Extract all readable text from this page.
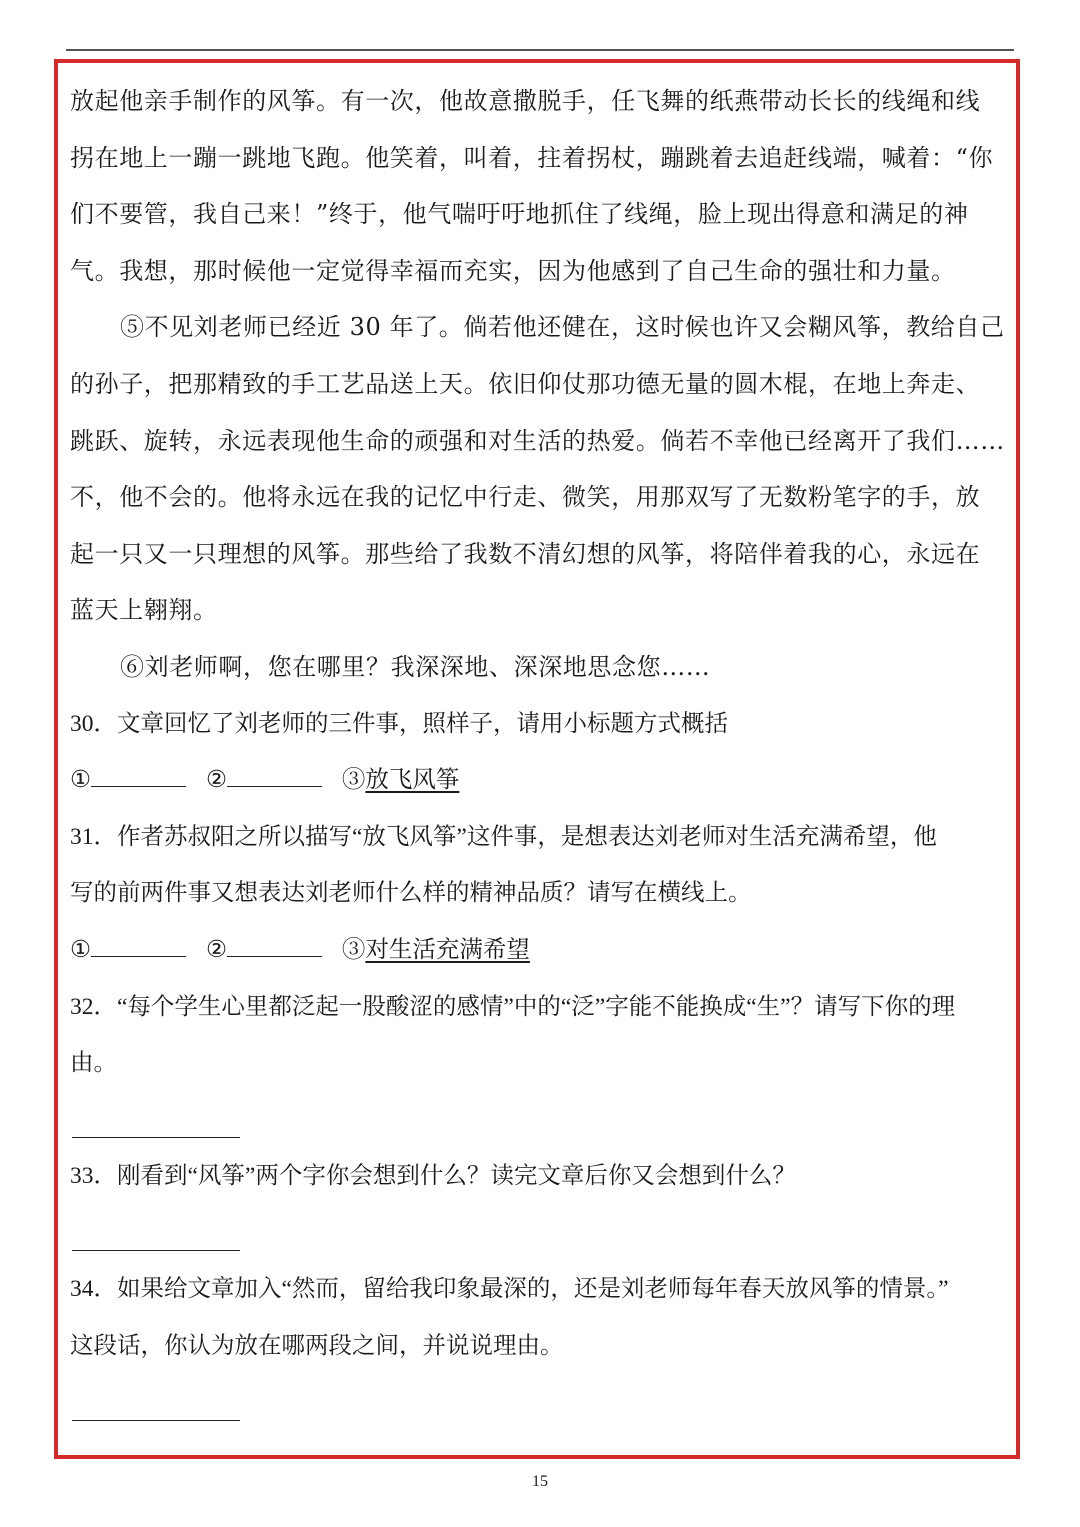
放起他亲手制作的风筝。有一次，他故意撒脱手，任飞舞的纸燕带动长长的线绳和线
拐在地上一蹦一跳地飞跑。他笑着，叫着，拄着拐杖，蹦跳着去追赶线端，喊着：“你
们不要管，我自己来！”终于，他气喘吁吁地抓住了线绳，脸上现出得意和满足的神
气。我想，那时候他一定觉得幸福而充实，因为他感到了自己生命的强壮和力量。
⑤不见刘老师已经近 30 年了。倘若他还健在，这时候也许又会糊风筝，教给自己
的孙子，把那精致的手工艺品送上天。依旧仰仗那功德无量的圆木棍，在地上奔走、
跳跃、旋转，永远表现他生命的顽强和对生活的热爱。倘若不幸他已经离开了我们……
不，他不会的。他将永远在我的记忆中行走、微笑，用那双写了无数粉笔字的手，放
起一只又一只理想的风筝。那些给了我数不清幻想的风筝，将陪伴着我的心，永远在
蓝天上翱翔。
⑥刘老师啊，您在哪里？我深深地、深深地思念您……
30．文章回忆了刘老师的三件事，照样子，请用小标题方式概括
①	②	③放飞风筝
31．作者苏叔阳之所以描写“放飞风筝”这件事，是想表达刘老师对生活充满希望，他
写的前两件事又想表达刘老师什么样的精神品质？请写在横线上。
①	②	③对生活充满希望
32．“每个学生心里都泛起一股酸涩的感情”中的“泛”字能不能换成“生”？请写下你的理
由。
33．刚看到“风筝”两个字你会想到什么？读完文章后你又会想到什么？
34．如果给文章加入“然而，留给我印象最深的，还是刘老师每年春天放风筝的情景。”
这段话，你认为放在哪两段之间，并说说理由。
15
